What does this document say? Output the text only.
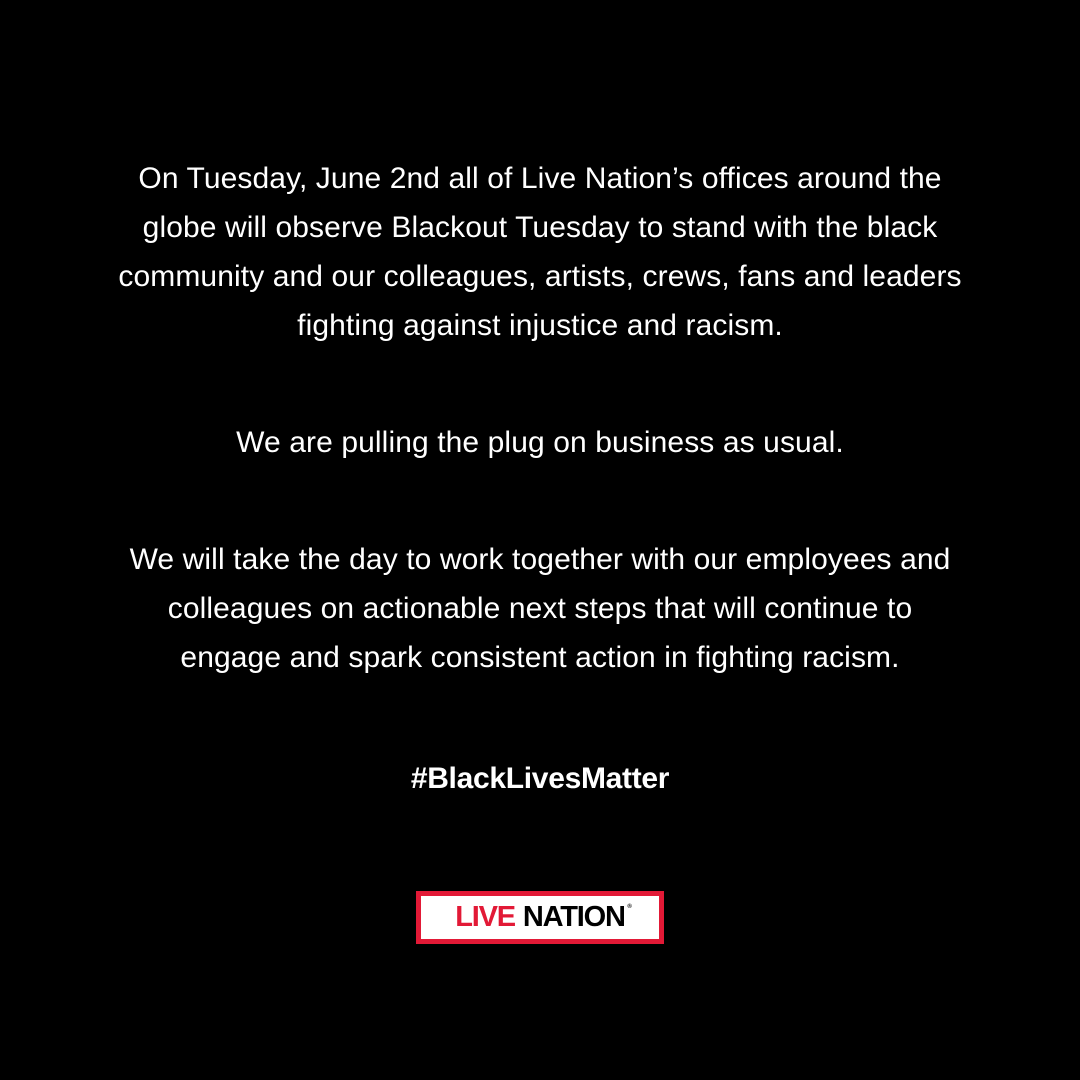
On Tuesday, June 2nd all of Live Nation’s offices around the
globe will observe Blackout Tuesday to stand with the black
community and our colleagues, artists, crews, fans and leaders
fighting against injustice and racism.
We are pulling the plug on business as usual.
We will take the day to work together with our employees and
colleagues on actionable next steps that will continue to
engage and spark consistent action in fighting racism.
#BlackLivesMatter
LIVE NATION ®
